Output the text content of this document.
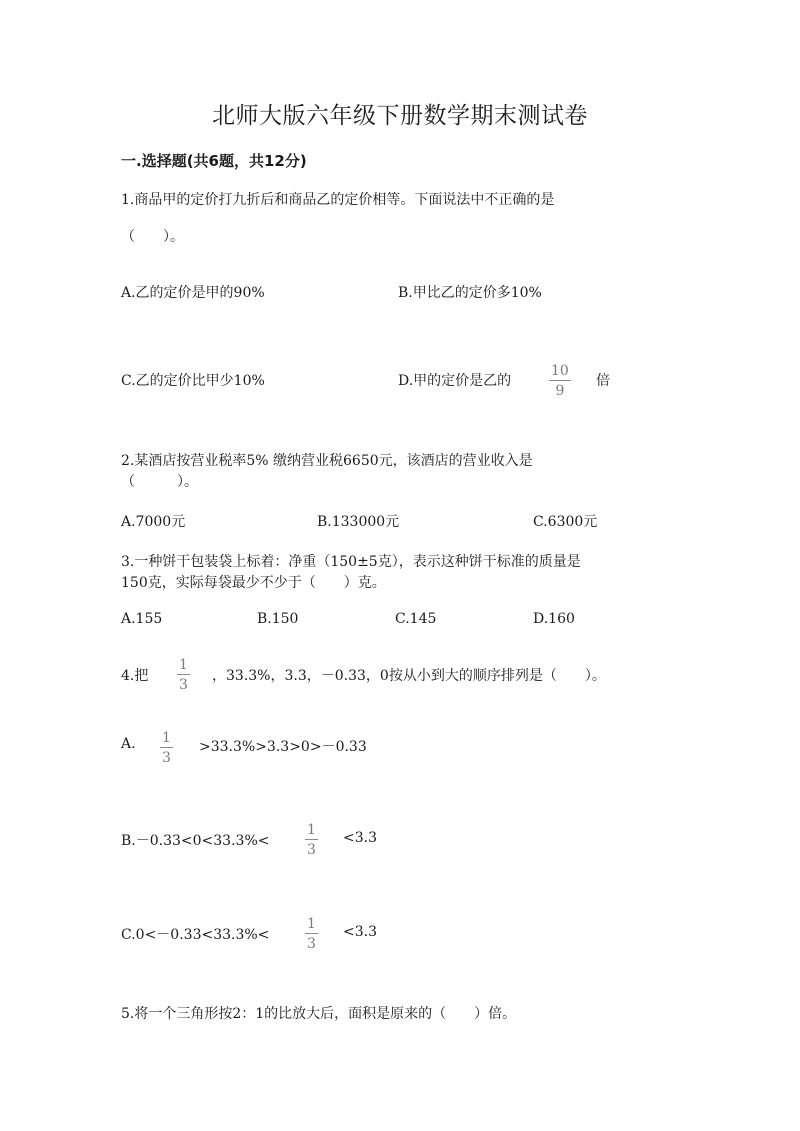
北师大版六年级下册数学期末测试卷
一.选择题(共6题，共12分)
1.商品甲的定价打九折后和商品乙的定价相等。下面说法中不正确的是
（　　）。
A.乙的定价是甲的90%	B.甲比乙的定价多10%
C.乙的定价比甲少10%	D.甲的定价是乙的
10
9
倍
2.某酒店按营业税率5% 缴纳营业税6650元，该酒店的营业收入是
（　　　）。
A.7000元	B.133000元	C.6300元
3.一种饼干包装袋上标着：净重（150±5克），表示这种饼干标准的质量是
150克，实际每袋最少不少于（　　）克。
A.155	B.150	C.145	D.160
4.把
1
3
，33.3%，3.3，－0.33，0按从小到大的顺序排列是（　　）。
A. 1
3
>33.3%>3.3>0>－0.33
B.－0.33<0<33.3%<
1
3
<3.3
C.0<－0.33<33.3%<
1
3
<3.3
5.将一个三角形按2：1的比放大后，面积是原来的（　　）倍。
